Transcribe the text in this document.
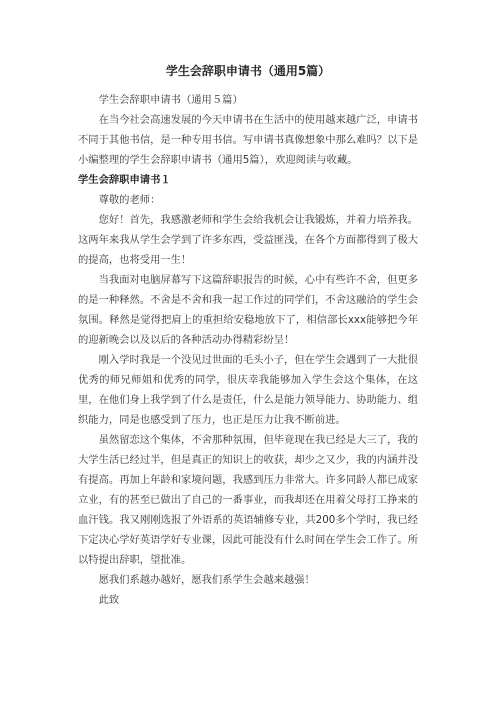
学生会辞职申请书（通用5篇）

学生会辞职申请书（通用５篇）

在当今社会高速发展的今天申请书在生活中的使用越来越广泛，申请书不同于其他书信，是一种专用书信。写申请书真像想象中那么难吗？以下是小编整理的学生会辞职申请书（通用5篇），欢迎阅读与收藏。

学生会辞职申请书１

尊敬的老师：

您好！首先，我感激老师和学生会给我机会让我锻炼，并着力培养我。这两年来我从学生会学到了许多东西，受益匪浅，在各个方面都得到了极大的提高，也将受用一生！

当我面对电脑屏幕写下这篇辞职报告的时候，心中有些许不舍，但更多的是一种释然。不舍是不舍和我一起工作过的同学们，不舍这融洽的学生会氛围。释然是觉得把肩上的重担给安稳地放下了，相信部长xxx能够把今年的迎新晚会以及以后的各种活动办得精彩纷呈！

刚入学时我是一个没见过世面的毛头小子，但在学生会遇到了一大批很优秀的师兄师姐和优秀的同学，很庆幸我能够加入学生会这个集体，在这里，在他们身上我学到了什么是责任，什么是能力领导能力、协助能力、组织能力，同是也感受到了压力，也正是压力让我不断前进。

虽然留恋这个集体，不舍那种氛围，但毕竟现在我已经是大三了，我的大学生活已经过半，但是真正的知识上的收获，却少之又少，我的内涵并没有提高。再加上年龄和家境问题，我感到压力非常大。许多同龄人都已成家立业，有的甚至已做出了自己的一番事业，而我却还在用着父母打工挣来的血汗钱。我又刚刚选报了外语系的英语辅修专业，共200多个学时，我已经下定决心学好英语学好专业课，因此可能没有什么时间在学生会工作了。所以特提出辞职，望批准。

愿我们系越办越好，愿我们系学生会越来越强！

此致
